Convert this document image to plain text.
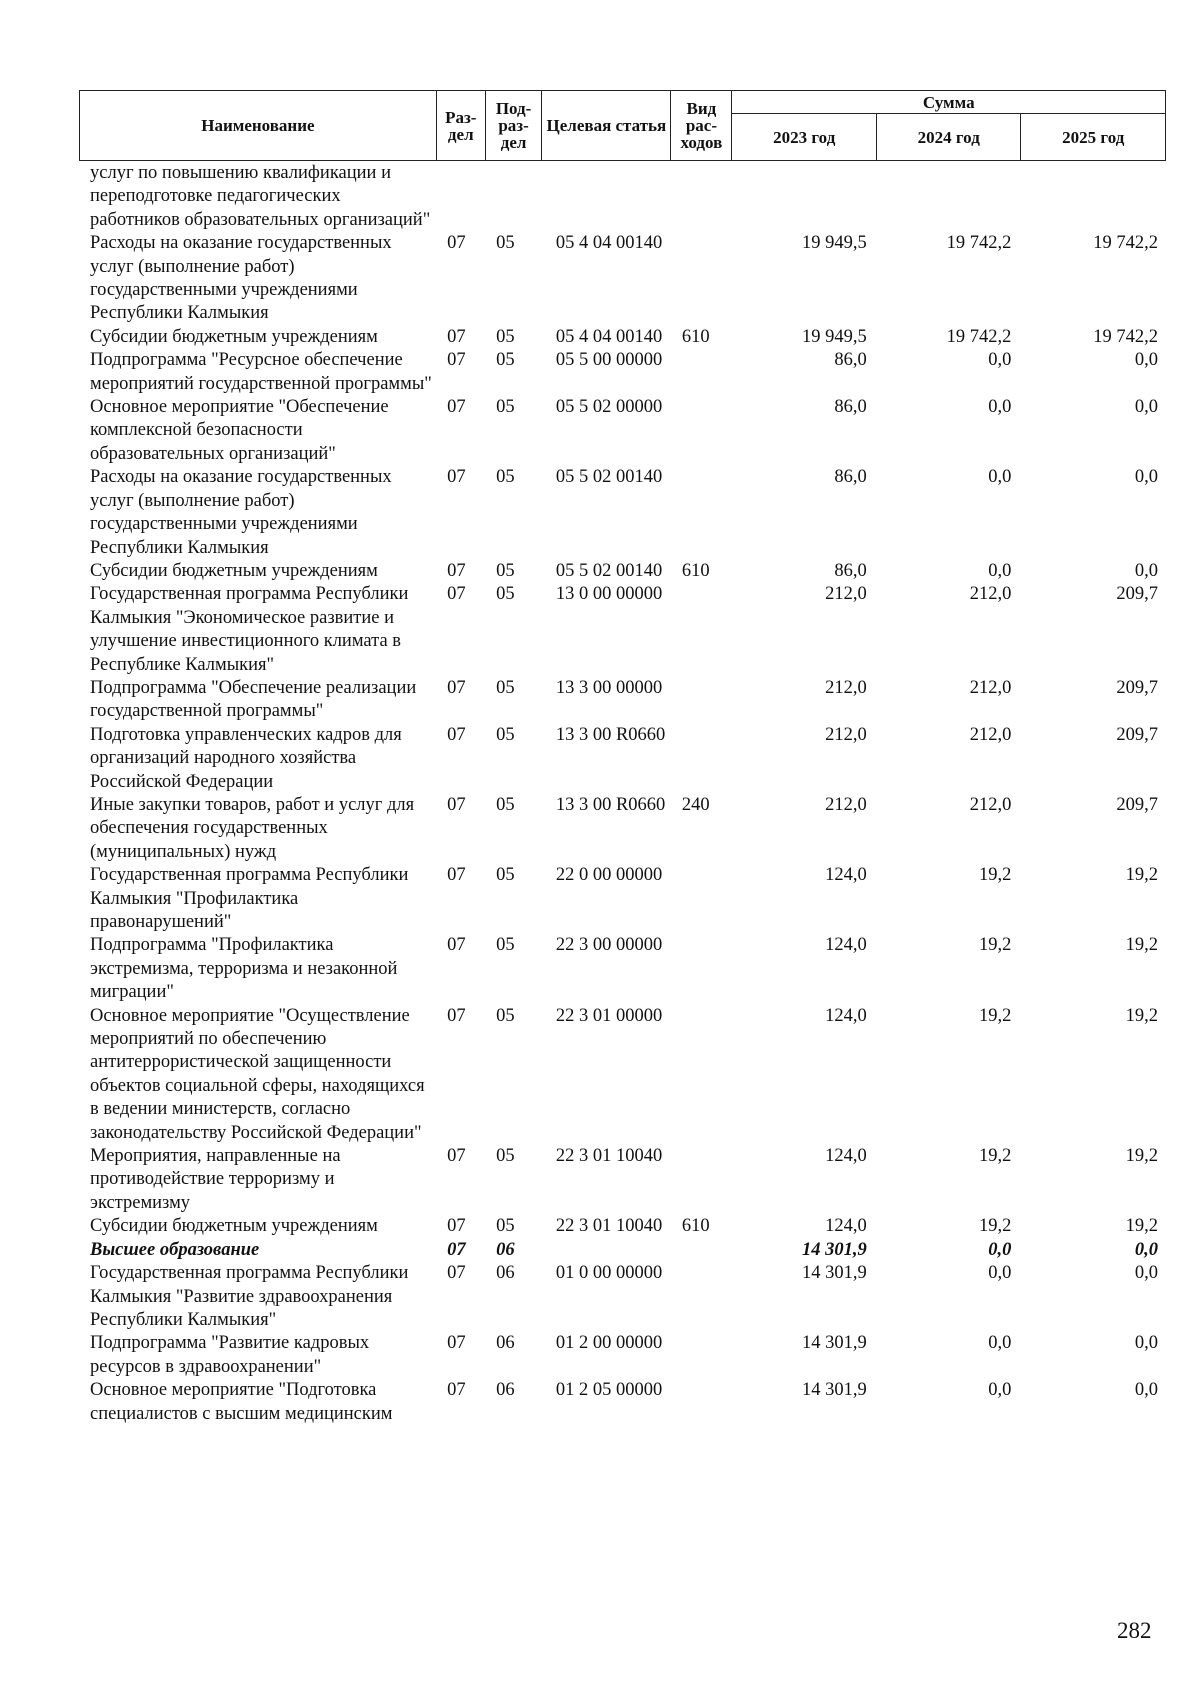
Наименование	Раз-дел	Под-раз-дел	Целевая статья	Вид рас-ходов	Сумма		
					2023 год	2024 год	2025 год
услуг по повышению квалификации и переподготовке педагогических работников образовательных организаций"							
Расходы на оказание государственных услуг (выполнение работ) государственными учреждениями Республики Калмыкия	07	05	05 4 04 00140		19 949,5	19 742,2	19 742,2
Субсидии бюджетным учреждениям	07	05	05 4 04 00140	610	19 949,5	19 742,2	19 742,2
Подпрограмма "Ресурсное обеспечение мероприятий государственной программы"	07	05	05 5 00 00000		86,0	0,0	0,0
Основное мероприятие "Обеспечение комплексной безопасности образовательных организаций"	07	05	05 5 02 00000		86,0	0,0	0,0
Расходы на оказание государственных услуг (выполнение работ) государственными учреждениями Республики Калмыкия	07	05	05 5 02 00140		86,0	0,0	0,0
Субсидии бюджетным учреждениям	07	05	05 5 02 00140	610	86,0	0,0	0,0
Государственная программа Республики Калмыкия "Экономическое развитие и улучшение инвестиционного климата в Республике Калмыкия"	07	05	13 0 00 00000		212,0	212,0	209,7
Подпрограмма "Обеспечение реализации государственной программы"	07	05	13 3 00 00000		212,0	212,0	209,7
Подготовка управленческих кадров для организаций народного хозяйства Российской Федерации	07	05	13 3 00 R0660		212,0	212,0	209,7
Иные закупки товаров, работ и услуг для обеспечения государственных (муниципальных) нужд	07	05	13 3 00 R0660	240	212,0	212,0	209,7
Государственная программа Республики Калмыкия "Профилактика правонарушений"	07	05	22 0 00 00000		124,0	19,2	19,2
Подпрограмма "Профилактика экстремизма, терроризма и незаконной миграции"	07	05	22 3 00 00000		124,0	19,2	19,2
Основное мероприятие "Осуществление мероприятий по обеспечению антитеррористической защищенности объектов социальной сферы, находящихся в ведении министерств, согласно законодательству Российской Федерации"	07	05	22 3 01 00000		124,0	19,2	19,2
Мероприятия, направленные на противодействие терроризму и экстремизму	07	05	22 3 01 10040		124,0	19,2	19,2
Субсидии бюджетным учреждениям	07	05	22 3 01 10040	610	124,0	19,2	19,2
Высшее образование	07	06			14 301,9	0,0	0,0
Государственная программа Республики Калмыкия "Развитие здравоохранения Республики Калмыкия"	07	06	01 0 00 00000		14 301,9	0,0	0,0
Подпрограмма "Развитие кадровых ресурсов в здравоохранении"	07	06	01 2 00 00000		14 301,9	0,0	0,0
Основное мероприятие "Подготовка специалистов с высшим медицинским	07	06	01 2 05 00000		14 301,9	0,0	0,0
282
